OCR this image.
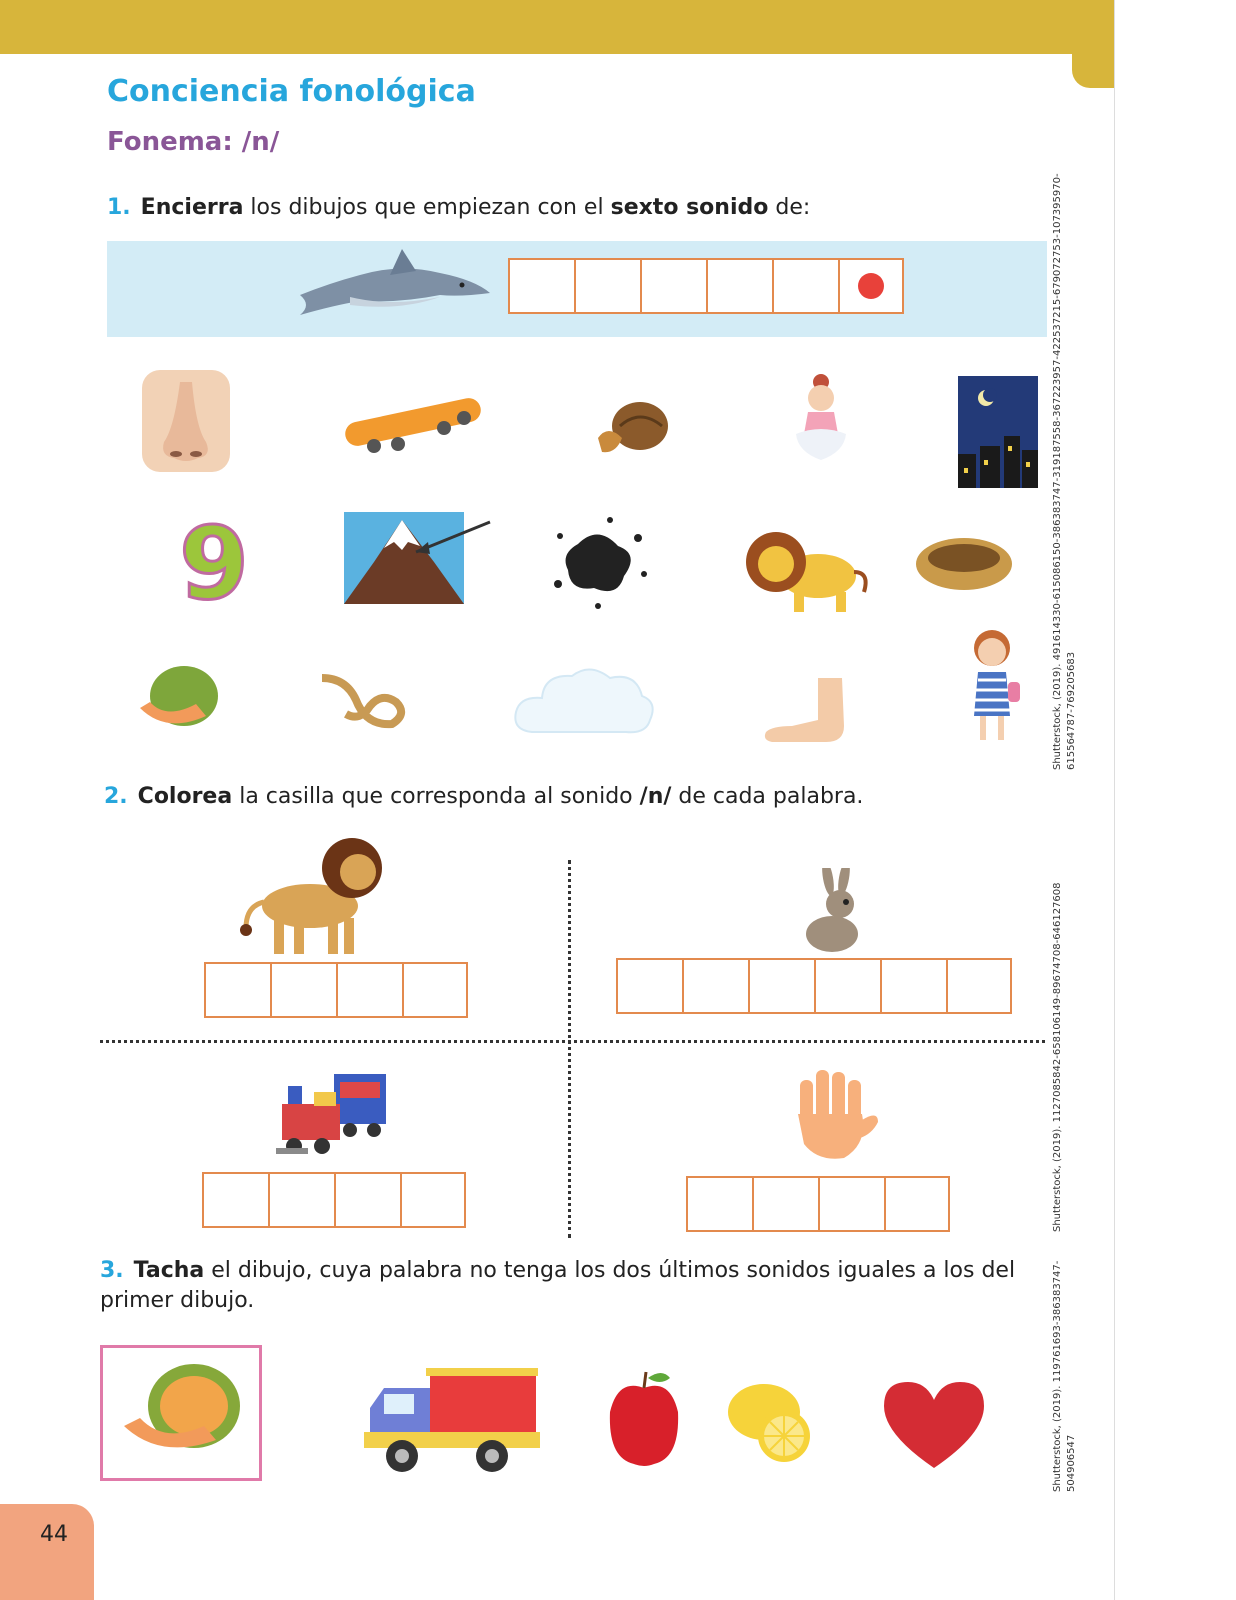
Conciencia fonológica
Fonema: /n/
1. Encierra los dibujos que empiezan con el sexto sonido de:
9
2. Colorea la casilla que corresponda al sonido /n/ de cada palabra.
3. Tacha el dibujo, cuya palabra no tenga los dos últimos sonidos iguales a los del primer dibujo.
Shutterstock, (2019). 491614330-615086150-38638374​7-319187558-367223957-422537215-679072753-10739597​0- 615564787-769205683
Shutterstock, (2019). 1127085842-658106149-896747​08-646127608
Shutterstock, (2019). 119761693-38638374​7- 504906547
44
